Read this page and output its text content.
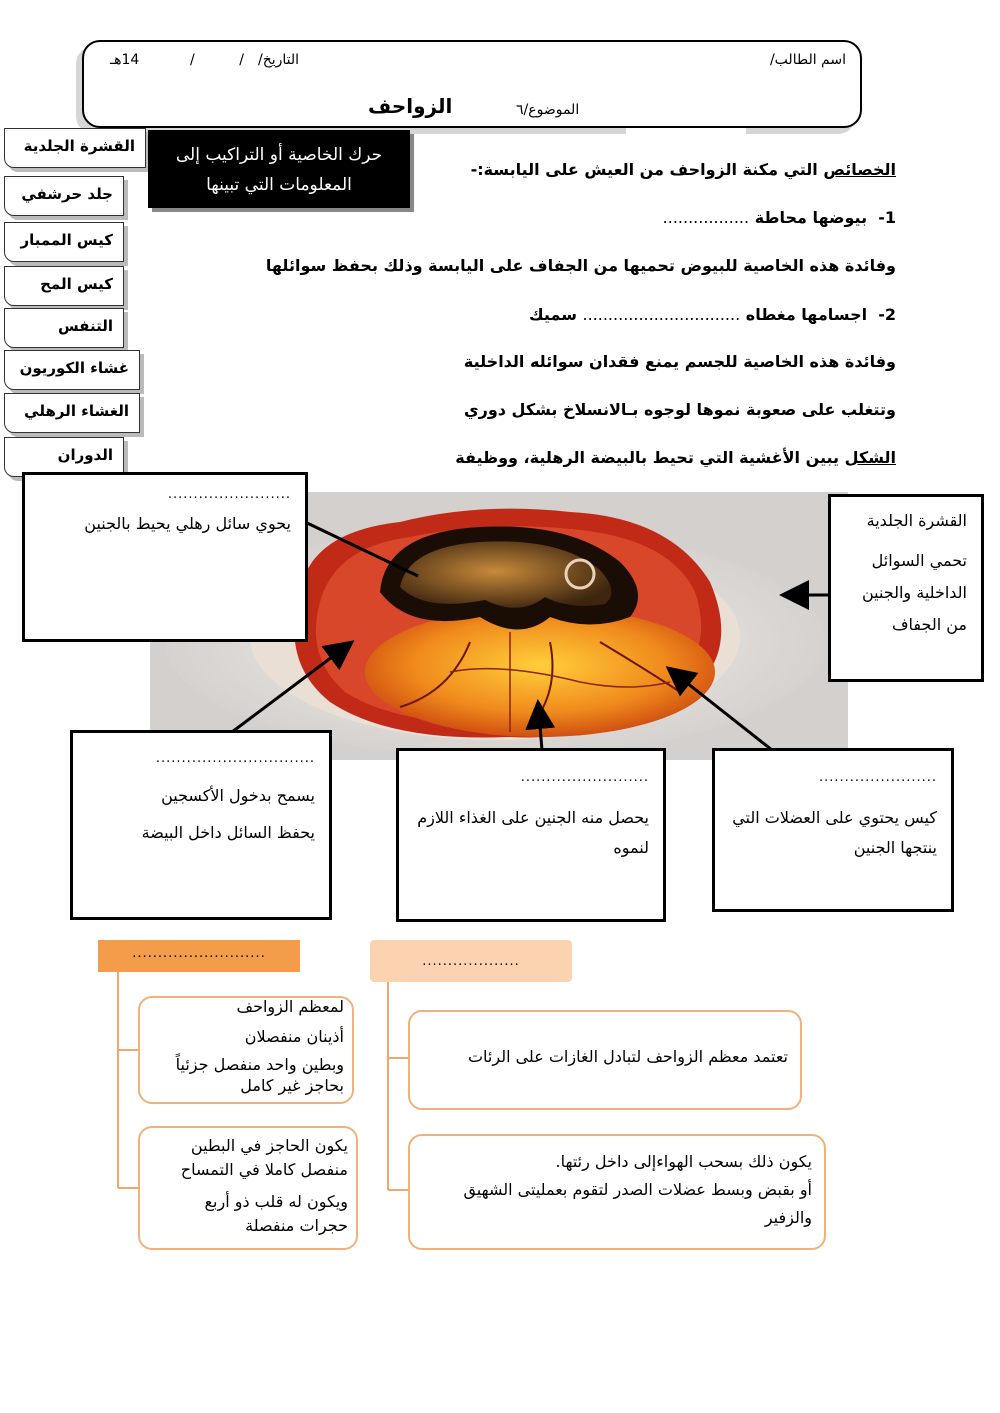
اسم الطالب/
التاريخ/
/          /
14هـ
الموضوع/٦
الزواحف
القشرة الجلدية
جلد حرشفي
كيس الممبار
كيس المح
التنفس
غشاء الكوريون
الغشاء الرهلي
الدوران
حرك الخاصية أو التراكيب إلى المعلومات التي تبينها
الخصائص التي مكنة الزواحف من العيش على اليابسة:-
1-  بيوضها محاطة .................
وفائدة هذه الخاصية للبيوض تحميها من الجفاف على اليابسة وذلك بحفظ سوائلها
2-  اجسامها مغطاه ............................... سميك
وفائدة هذه الخاصية للجسم يمنع فقدان سوائله الداخلية
وتتغلب على صعوبة نموها لوجوه بـالانسلاخ بشكل دوري
الشكل يبين الأغشية التي تحيط بالبيضة الرهلية، ووظيفة
........................
يحوي سائل رهلي يحيط بالجنين	القشرة الجلدية
تحمي السوائل الداخلية والجنين من الجفاف
...............................
يسمح بدخول الأكسجين
يحفظ السائل داخل البيضة
.........................
يحصل منه الجنين على الغذاء اللازم لنموه
.......................
كيس يحتوي على العضلات التي ينتجها الجنين
..........................
...................
لمعظم الزواحف
أذينان منفصلان
وبطين واحد منفصل جزئياً
بحاجز غير كامل
يكون الحاجز في البطين
منفصل كاملا في التمساح
ويكون له قلب ذو أربع
حجرات منفصلة
تعتمد معظم الزواحف لتبادل الغازات على الرئات
يكون ذلك بسحب الهواءإلى داخل رئتها.
أو بقبض وبسط عضلات الصدر لتقوم بعمليتى الشهيق والزفير
